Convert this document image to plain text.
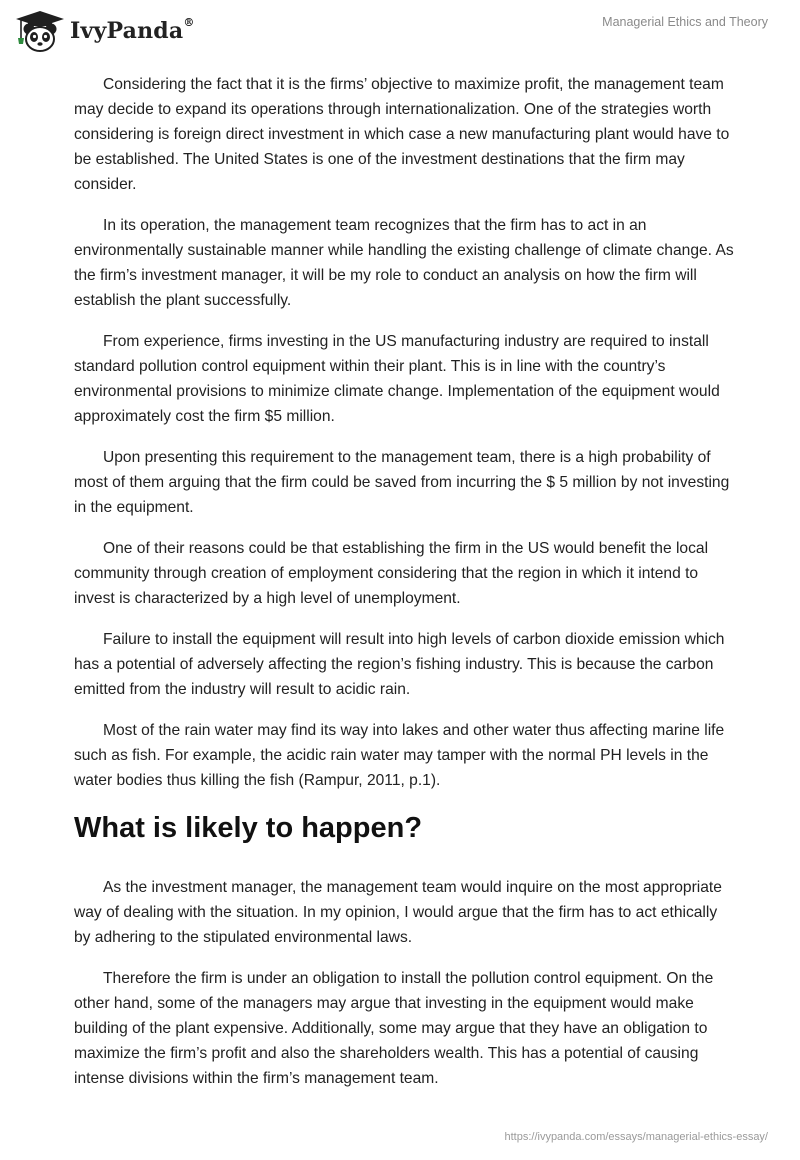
IvyPanda®	Managerial Ethics and Theory

Considering the fact that it is the firms’ objective to maximize profit, the management team may decide to expand its operations through internationalization. One of the strategies worth considering is foreign direct investment in which case a new manufacturing plant would have to be established. The United States is one of the investment destinations that the firm may consider.

In its operation, the management team recognizes that the firm has to act in an environmentally sustainable manner while handling the existing challenge of climate change. As the firm’s investment manager, it will be my role to conduct an analysis on how the firm will establish the plant successfully.

From experience, firms investing in the US manufacturing industry are required to install standard pollution control equipment within their plant. This is in line with the country’s environmental provisions to minimize climate change. Implementation of the equipment would approximately cost the firm $5 million.

Upon presenting this requirement to the management team, there is a high probability of most of them arguing that the firm could be saved from incurring the $ 5 million by not investing in the equipment.

One of their reasons could be that establishing the firm in the US would benefit the local community through creation of employment considering that the region in which it intend to invest is characterized by a high level of unemployment.

Failure to install the equipment will result into high levels of carbon dioxide emission which has a potential of adversely affecting the region’s fishing industry. This is because the carbon emitted from the industry will result to acidic rain.

Most of the rain water may find its way into lakes and other water thus affecting marine life such as fish. For example, the acidic rain water may tamper with the normal PH levels in the water bodies thus killing the fish (Rampur, 2011, p.1).

What is likely to happen?

As the investment manager, the management team would inquire on the most appropriate way of dealing with the situation. In my opinion, I would argue that the firm has to act ethically by adhering to the stipulated environmental laws.

Therefore the firm is under an obligation to install the pollution control equipment. On the other hand, some of the managers may argue that investing in the equipment would make building of the plant expensive. Additionally, some may argue that they have an obligation to maximize the firm’s profit and also the shareholders wealth. This has a potential of causing intense divisions within the firm’s management team.

https://ivypanda.com/essays/managerial-ethics-essay/
